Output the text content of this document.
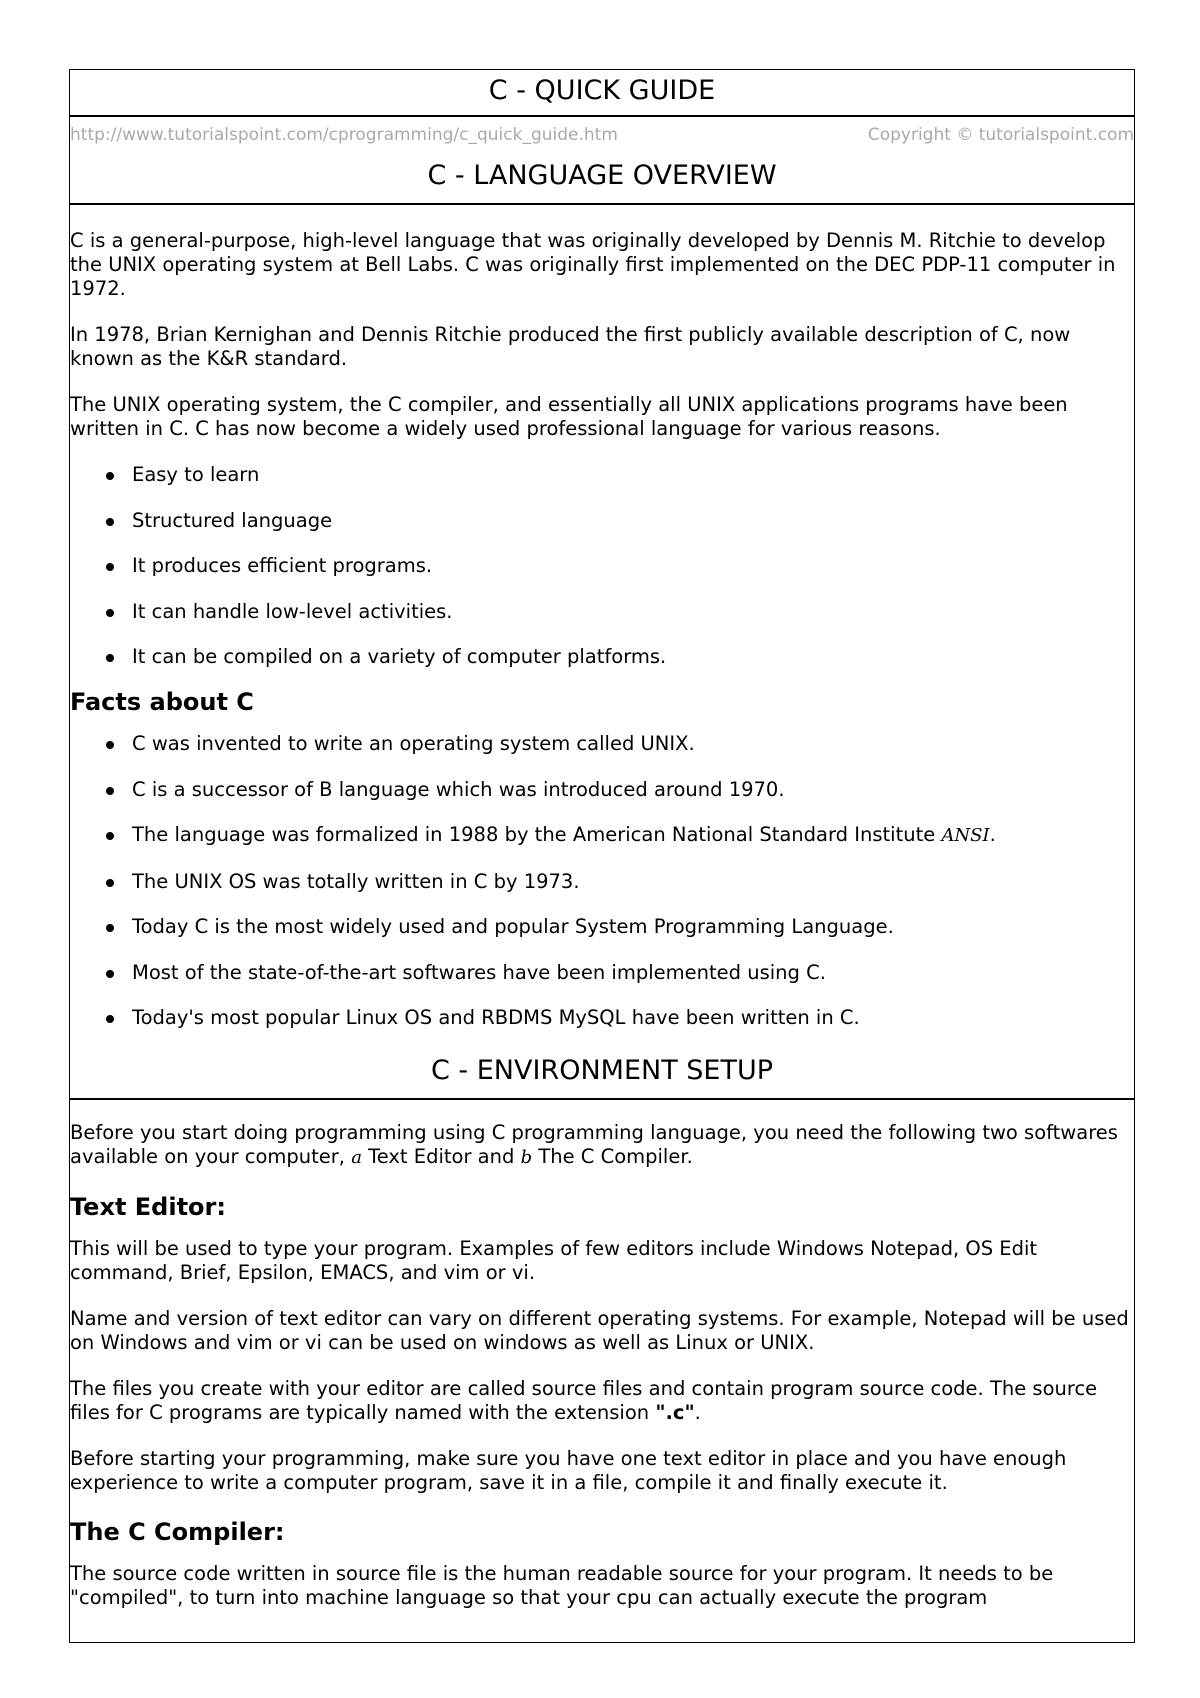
C - QUICK GUIDE
http://www.tutorialspoint.com/cprogramming/c_quick_guide.htm	Copyright © tutorialspoint.com
C - LANGUAGE OVERVIEW

C is a general-purpose, high-level language that was originally developed by Dennis M. Ritchie to develop the UNIX operating system at Bell Labs. C was originally first implemented on the DEC PDP-11 computer in 1972.

In 1978, Brian Kernighan and Dennis Ritchie produced the first publicly available description of C, now known as the K&R standard.

The UNIX operating system, the C compiler, and essentially all UNIX applications programs have been written in C. C has now become a widely used professional language for various reasons.

Easy to learn
Structured language
It produces efficient programs.
It can handle low-level activities.
It can be compiled on a variety of computer platforms.
Facts about C
C was invented to write an operating system called UNIX.
C is a successor of B language which was introduced around 1970.
The language was formalized in 1988 by the American National Standard Institute ANSI.
The UNIX OS was totally written in C by 1973.
Today C is the most widely used and popular System Programming Language.
Most of the state-of-the-art softwares have been implemented using C.
Today's most popular Linux OS and RBDMS MySQL have been written in C.
C - ENVIRONMENT SETUP

Before you start doing programming using C programming language, you need the following two softwares available on your computer, a Text Editor and b The C Compiler.

Text Editor:

This will be used to type your program. Examples of few editors include Windows Notepad, OS Edit command, Brief, Epsilon, EMACS, and vim or vi.

Name and version of text editor can vary on different operating systems. For example, Notepad will be used on Windows and vim or vi can be used on windows as well as Linux or UNIX.

The files you create with your editor are called source files and contain program source code. The source files for C programs are typically named with the extension ".c".

Before starting your programming, make sure you have one text editor in place and you have enough experience to write a computer program, save it in a file, compile it and finally execute it.

The C Compiler:

The source code written in source file is the human readable source for your program. It needs to be "compiled", to turn into machine language so that your cpu can actually execute the program
